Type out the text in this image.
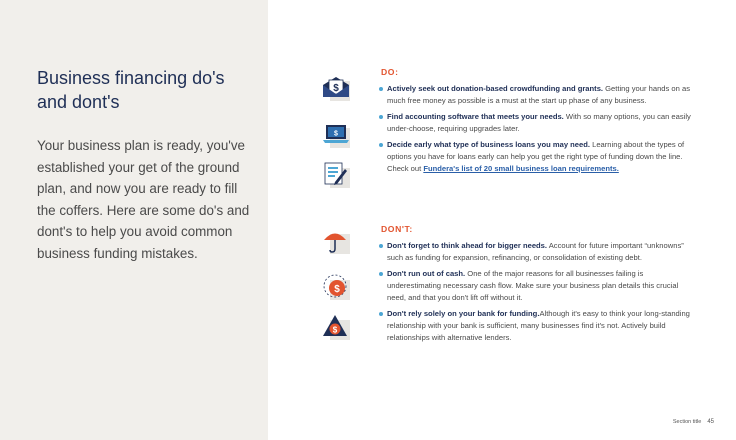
Business financing do's and dont's

Your business plan is ready, you've established your get of the ground plan, and now you are ready to fill the coffers. Here are some do's and dont's to help you avoid common business funding mistakes.

$
$
$
$
DO:
Actively seek out donation-based crowdfunding and grants. Getting your hands on as much free money as possible is a must at the start up phase of any business.
Find accounting software that meets your needs. With so many options, you can easily under-choose, requiring upgrades later.
Decide early what type of business loans you may need. Learning about the types of options you have for loans early can help you get the right type of funding down the line. Check out Fundera's list of 20 small business loan requirements.
DON'T:
Don't forget to think ahead for bigger needs. Account for future important “unknowns” such as funding for expansion, refinancing, or consolidation of existing debt.
Don't run out of cash. One of the major reasons for all businesses failing is underestimating necessary cash flow. Make sure your business plan details this crucial need, and that you don't lift off without it.
Don't rely solely on your bank for funding.Although it's easy to think your long-standing relationship with your bank is sufficient, many businesses find it's not. Actively build relationships with alternative lenders.
Section title 45
